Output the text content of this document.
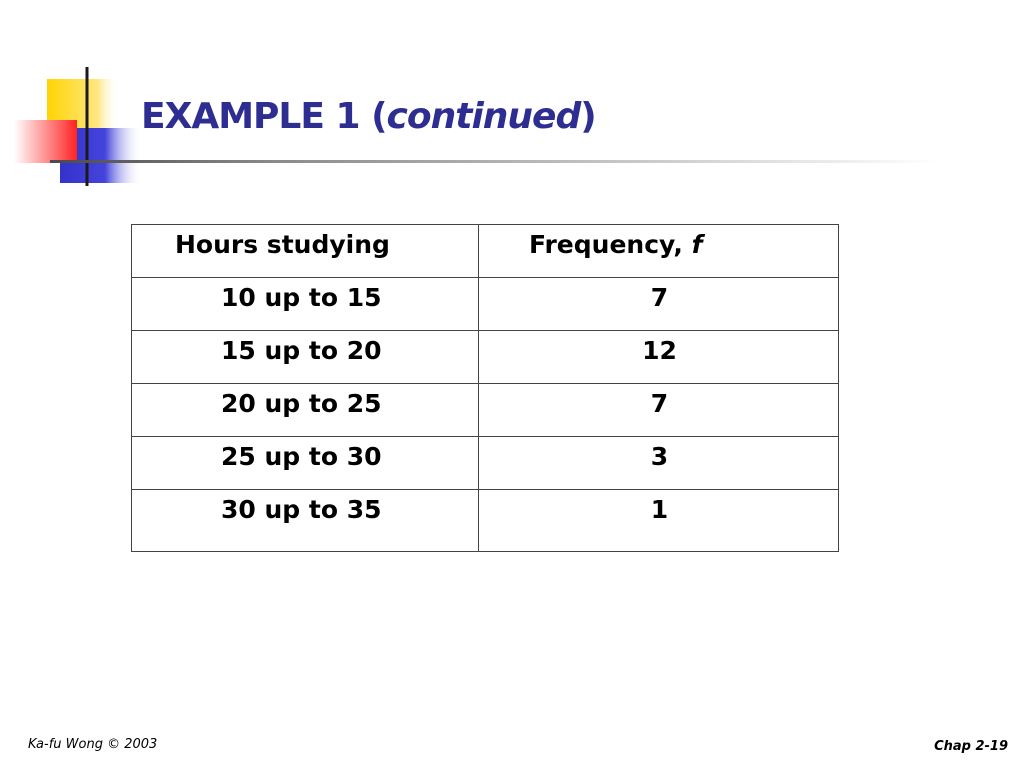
EXAMPLE 1 (continued)
Hours studying	Frequency, f

10 up to 15	7

15 up to 20	12

20 up to 25	7

25 up to 30	3

30 up to 35	1
Ka-fu Wong © 2003	Chap 2-19
